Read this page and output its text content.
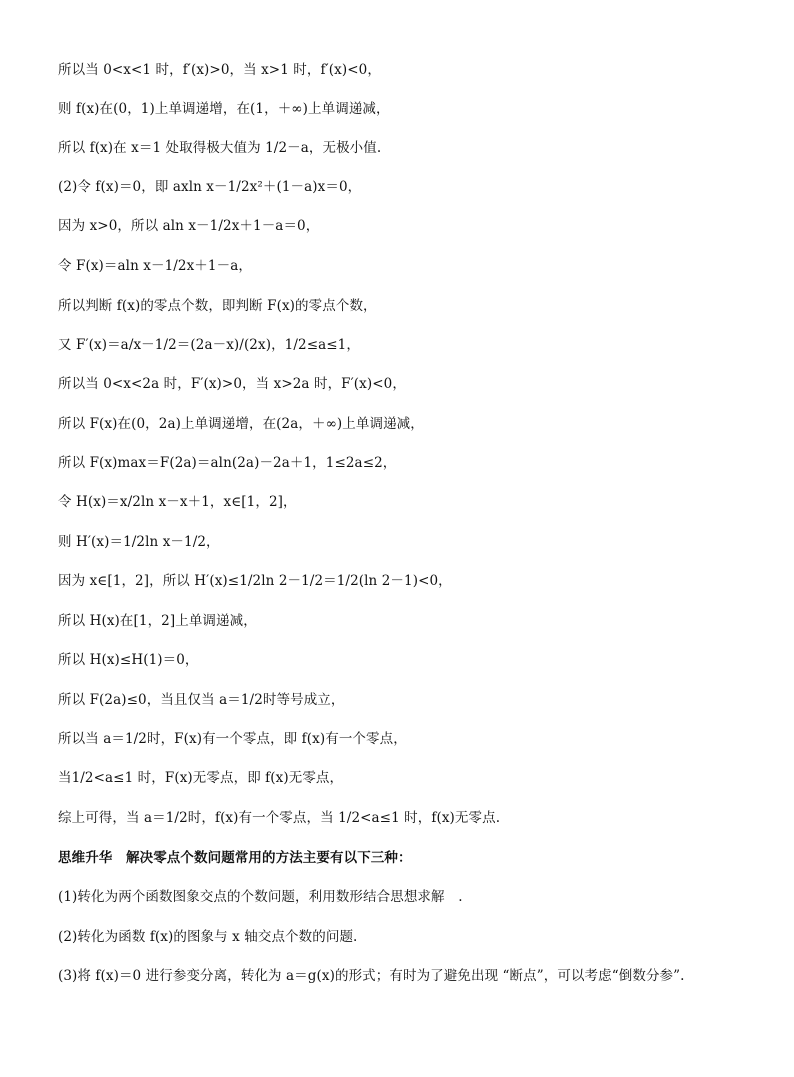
所以当 0<x<1 时，f′(x)>0，当 x>1 时，f′(x)<0，
则 f(x)在(0，1)上单调递增，在(1，＋∞)上单调递减，
所以 f(x)在 x＝1 处取得极大值为 1/2－a，无极小值.
(2)令 f(x)＝0，即 axln x－1/2x²＋(1－a)x＝0，
因为 x>0，所以 aln x－1/2x＋1－a＝0，
令 F(x)＝aln x－1/2x＋1－a，
所以判断 f(x)的零点个数，即判断 F(x)的零点个数，
又 F′(x)＝a/x－1/2＝(2a－x)/(2x)，1/2≤a≤1，
所以当 0<x<2a 时，F′(x)>0，当 x>2a 时，F′(x)<0，
所以 F(x)在(0，2a)上单调递增，在(2a，＋∞)上单调递减，
所以 F(x)max＝F(2a)＝aln(2a)－2a＋1，1≤2a≤2，
令 H(x)＝x/2ln x－x＋1，x∈[1，2]，
则 H′(x)＝1/2ln x－1/2，
因为 x∈[1，2]，所以 H′(x)≤1/2ln 2－1/2＝1/2(ln 2－1)<0，
所以 H(x)在[1，2]上单调递减，
所以 H(x)≤H(1)＝0，
所以 F(2a)≤0，当且仅当 a＝1/2时等号成立，
所以当 a＝1/2时，F(x)有一个零点，即 f(x)有一个零点，
当1/2<a≤1 时，F(x)无零点，即 f(x)无零点，
综上可得，当 a＝1/2时，f(x)有一个零点，当 1/2<a≤1 时，f(x)无零点.
思维升华　解决零点个数问题常用的方法主要有以下三种：
(1)转化为两个函数图象交点的个数问题，利用数形结合思想求解　.
(2)转化为函数 f(x)的图象与 x 轴交点个数的问题.
(3)将 f(x)＝0 进行参变分离，转化为 a＝g(x)的形式；有时为了避免出现 “断点”，可以考虑“倒数分参”.
